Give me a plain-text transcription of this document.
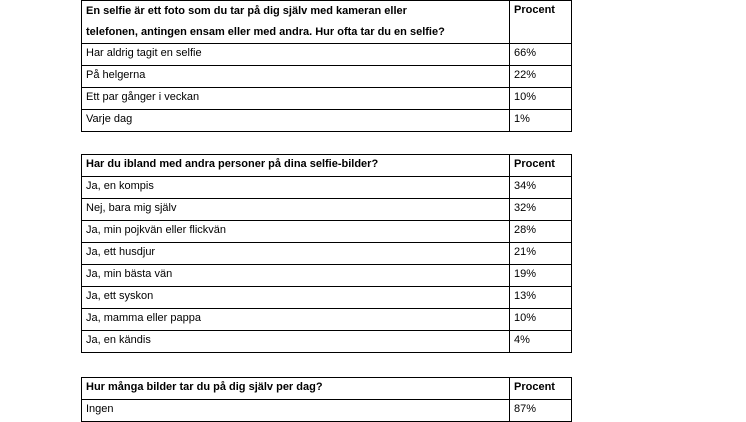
En selfie är ett foto som du tar på dig själv med kameran eller
telefonen, antingen ensam eller med andra. Hur ofta tar du en selfie?	Procent
Har aldrig tagit en selfie	66%
På helgerna	22%
Ett par gånger i veckan	10%
Varje dag	1%
Har du ibland med andra personer på dina selfie-bilder?	Procent
Ja, en kompis	34%
Nej, bara mig själv	32%
Ja, min pojkvän eller flickvän	28%
Ja, ett husdjur	21%
Ja, min bästa vän	19%
Ja, ett syskon	13%
Ja, mamma eller pappa	10%
Ja, en kändis	4%
Hur många bilder tar du på dig själv per dag?	Procent
Ingen	87%
